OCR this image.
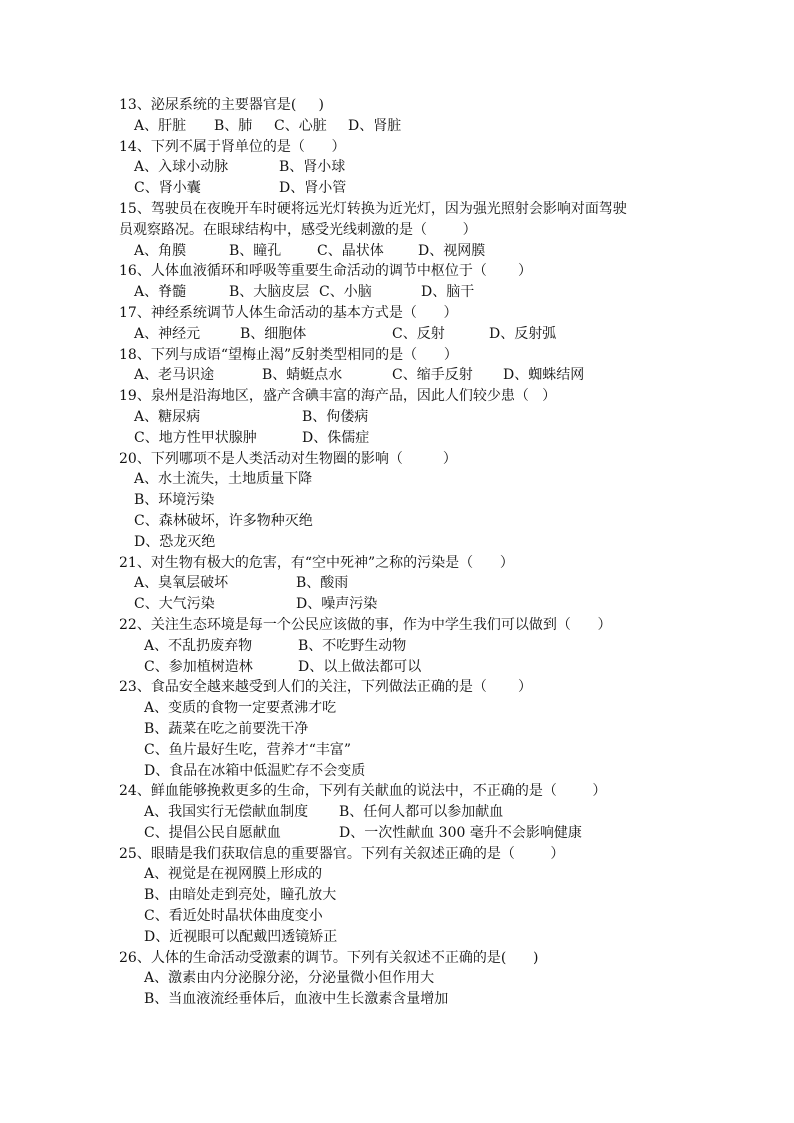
13、泌尿系统的主要器官是(     )
A、肝脏 B、肺 C、心脏 D、肾脏
14、下列不属于肾单位的是（      ）
A、入球小动脉	B、肾小球
C、肾小囊	D、肾小管
15、驾驶员在夜晚开车时硬将远光灯转换为近光灯，因为强光照射会影响对面驾驶
员观察路况。在眼球结构中，感受光线刺激的是（        ）
A、角膜	B、瞳孔	C、晶状体 D、视网膜
16、人体血液循环和呼吸等重要生命活动的调节中枢位于（       ）
A、脊髓	B、大脑皮层 C、小脑	D、脑干
17、神经系统调节人体生命活动的基本方式是（      ）
A、神经元	B、细胞体	C、反射	D、反射弧
18、下列与成语“望梅止渴”反射类型相同的是（      ）
A、老马识途	B、蜻蜓点水	C、缩手反射 D、蜘蛛结网
19、泉州是沿海地区，盛产含碘丰富的海产品，因此人们较少患（   ）
A、糖尿病	B、佝偻病
C、地方性甲状腺肿	D、侏儒症
20、下列哪项不是人类活动对生物圈的影响（         ）
A、水土流失，土地质量下降
B、环境污染
C、森林破坏，许多物种灭绝
D、恐龙灭绝
21、对生物有极大的危害，有“空中死神”之称的污染是（      ）
A、臭氧层破坏	B、酸雨
C、大气污染	D、噪声污染
22、关注生态环境是每一个公民应该做的事，作为中学生我们可以做到（      ）
A、不乱扔废弃物	B、不吃野生动物
C、参加植树造林	D、以上做法都可以
23、食品安全越来越受到人们的关注，下列做法正确的是（       ）
A、变质的食物一定要煮沸才吃
B、蔬菜在吃之前要洗干净
C、鱼片最好生吃，营养才“丰富”
D、食品在冰箱中低温贮存不会变质
24、鲜血能够挽救更多的生命，下列有关献血的说法中，不正确的是（        ）
A、我国实行无偿献血制度 B、任何人都可以参加献血
C、提倡公民自愿献血	D、一次性献血 300 毫升不会影响健康
25、眼睛是我们获取信息的重要器官。下列有关叙述正确的是（        ）
A、视觉是在视网膜上形成的
B、由暗处走到亮处，瞳孔放大
C、看近处时晶状体曲度变小
D、近视眼可以配戴凹透镜矫正
26、人体的生命活动受激素的调节。下列有关叙述不正确的是(      )
A、激素由内分泌腺分泌，分泌量微小但作用大
B、当血液流经垂体后，血液中生长激素含量增加
